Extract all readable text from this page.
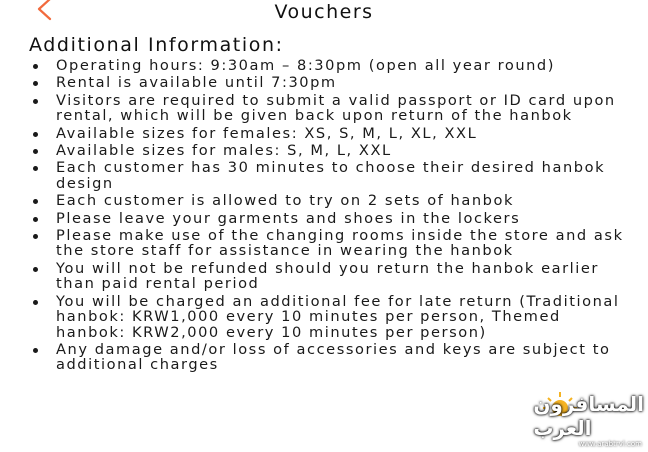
Vouchers
Additional Information:
Operating hours: 9:30am – 8:30pm (open all year round)
Rental is available until 7:30pm
Visitors are required to submit a valid passport or ID card upon rental, which will be given back upon return of the hanbok
Available sizes for females: XS, S, M, L, XL, XXL
Available sizes for males: S, M, L, XXL
Each customer has 30 minutes to choose their desired hanbok design
Each customer is allowed to try on 2 sets of hanbok
Please leave your garments and shoes in the lockers
Please make use of the changing rooms inside the store and ask the store staff for assistance in wearing the hanbok
You will not be refunded should you return the hanbok earlier than paid rental period
You will be charged an additional fee for late return (Traditional hanbok: KRW1,000 every 10 minutes per person, Themed hanbok: KRW2,000 every 10 minutes per person)
Any damage and/or loss of accessories and keys are subject to additional charges
المسافرون العرب
www.arabtrvl.com
